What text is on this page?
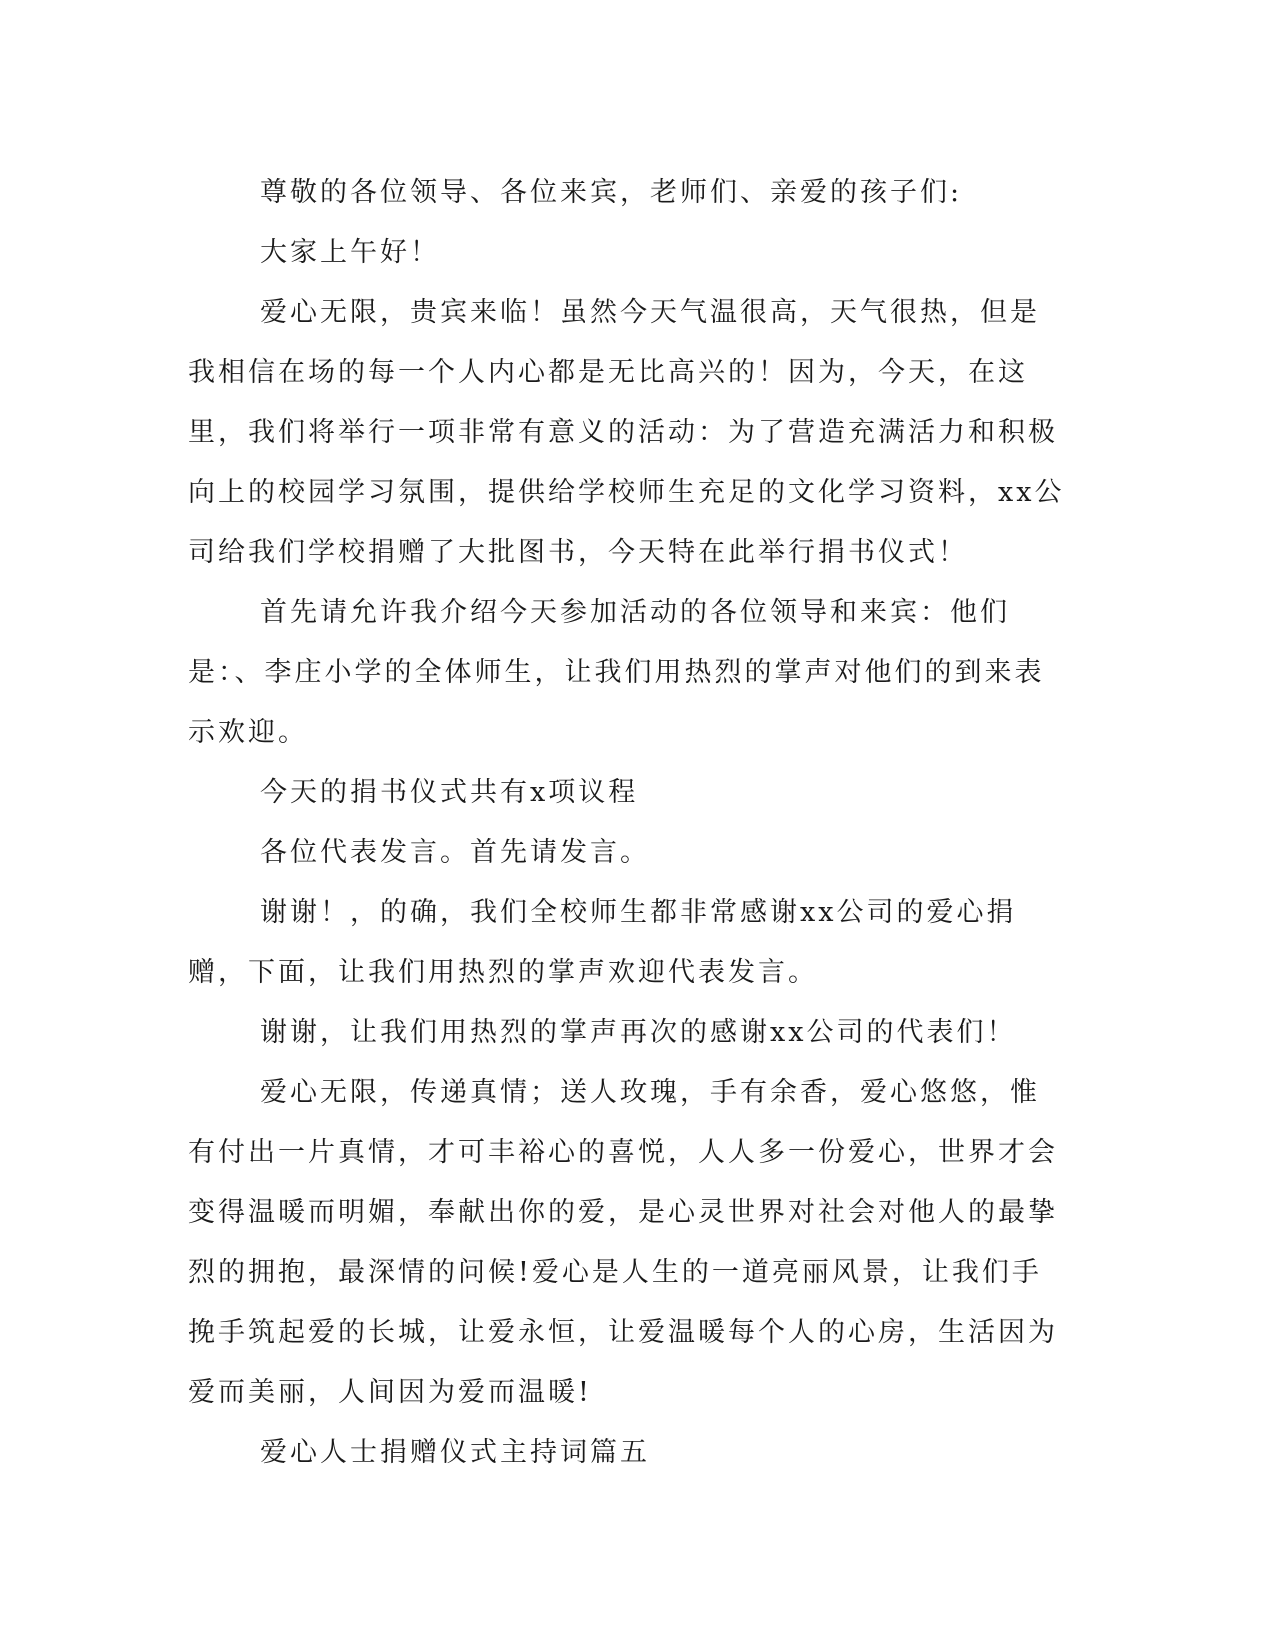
尊敬的各位领导、各位来宾，老师们、亲爱的孩子们:

大家上午好！

爱心无限，贵宾来临！虽然今天气温很高，天气很热，但是我相信在场的每一个人内心都是无比高兴的！因为，今天，在这里，我们将举行一项非常有意义的活动：为了营造充满活力和积极向上的校园学习氛围，提供给学校师生充足的文化学习资料，xx公司给我们学校捐赠了大批图书，今天特在此举行捐书仪式！

首先请允许我介绍今天参加活动的各位领导和来宾：他们是：、李庄小学的全体师生，让我们用热烈的掌声对他们的到来表示欢迎。

今天的捐书仪式共有x项议程

各位代表发言。首先请发言。

谢谢！，的确，我们全校师生都非常感谢xx公司的爱心捐赠，下面，让我们用热烈的掌声欢迎代表发言。

谢谢，让我们用热烈的掌声再次的感谢xx公司的代表们！

爱心无限，传递真情；送人玫瑰，手有余香，爱心悠悠，惟有付出一片真情，才可丰裕心的喜悦，人人多一份爱心，世界才会变得温暖而明媚，奉献出你的爱，是心灵世界对社会对他人的最挚烈的拥抱，最深情的问候!爱心是人生的一道亮丽风景，让我们手挽手筑起爱的长城，让爱永恒，让爱温暖每个人的心房，生活因为爱而美丽，人间因为爱而温暖!

爱心人士捐赠仪式主持词篇五
